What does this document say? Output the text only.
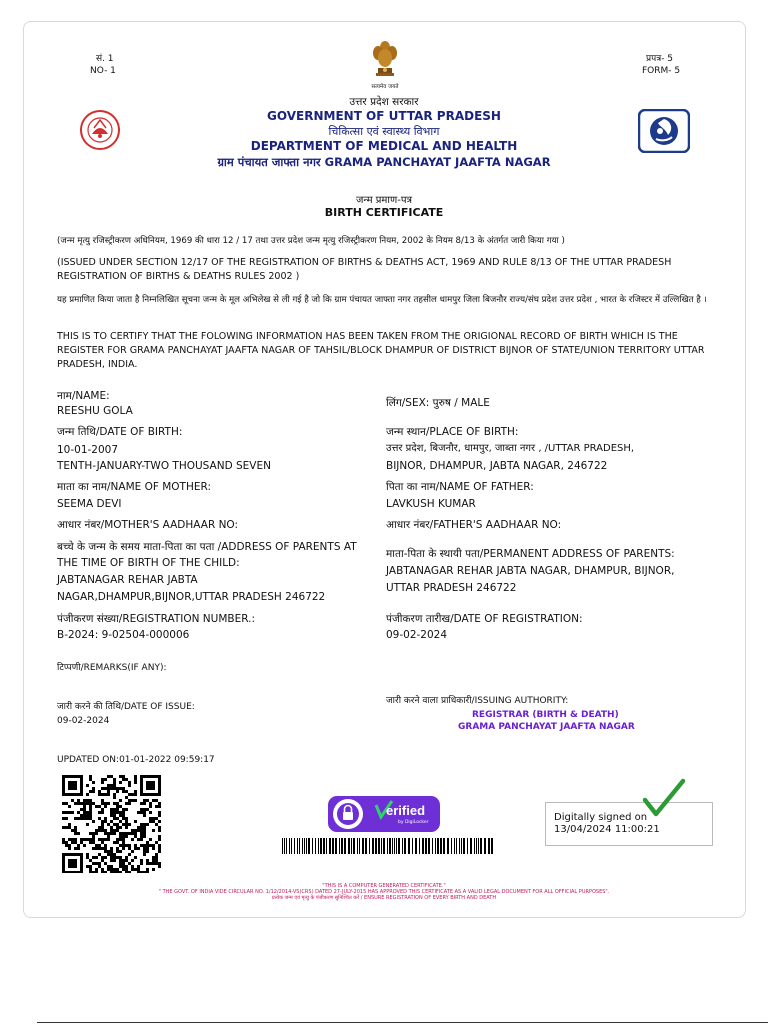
सं. 1
NO- 1
प्रपत्र- 5
FORM- 5
सत्यमेव जयते
उत्तर प्रदेश सरकार
GOVERNMENT OF UTTAR PRADESH
चिकित्सा एवं स्वास्थ्य विभाग
DEPARTMENT OF MEDICAL AND HEALTH
ग्राम पंचायत जाफ्ता नगर GRAMA PANCHAYAT JAAFTA NAGAR
जन्म प्रमाण-पत्र
BIRTH CERTIFICATE
(जन्म मृत्यु रजिस्ट्रीकरण अधिनियम, 1969 की धारा 12 / 17 तथा उत्तर प्रदेश जन्म मृत्यु रजिस्ट्रीकरण नियम, 2002 के नियम 8/13 के अंतर्गत जारी किया गया )
(ISSUED UNDER SECTION 12/17 OF THE REGISTRATION OF BIRTHS & DEATHS ACT, 1969 AND RULE 8/13 OF THE UTTAR PRADESH REGISTRATION OF BIRTHS & DEATHS RULES 2002 )
यह प्रमाणित किया जाता है निम्नलिखित सूचना जन्म के मूल अभिलेख से ली गई है जो कि ग्राम पंचायत जाफ्ता नगर तहसील धामपुर जिला बिजनौर राज्य/संघ प्रदेश उत्तर प्रदेश , भारत के रजिस्टर में उल्लिखित है ।
THIS IS TO CERTIFY THAT THE FOLOWING INFORMATION HAS BEEN TAKEN FROM THE ORIGIONAL RECORD OF BIRTH WHICH IS THE REGISTER FOR GRAMA PANCHAYAT JAAFTA NAGAR OF TAHSIL/BLOCK DHAMPUR OF DISTRICT BIJNOR OF STATE/UNION TERRITORY UTTAR PRADESH, INDIA.
नाम/NAME:
REESHU GOLA
जन्म तिथि/DATE OF BIRTH:
10-01-2007
TENTH-JANUARY-TWO THOUSAND SEVEN
माता का नाम/NAME OF MOTHER:
SEEMA DEVI
आधार नंबर/MOTHER'S AADHAAR NO:
बच्चे के जन्म के समय माता-पिता का पता /ADDRESS OF PARENTS AT
THE TIME OF BIRTH OF THE CHILD:
JABTANAGAR REHAR JABTA
NAGAR,DHAMPUR,BIJNOR,UTTAR PRADESH 246722
पंजीकरण संख्या/REGISTRATION NUMBER.:
B-2024: 9-02504-000006
लिंग/SEX: पुरुष / MALE
जन्म स्थान/PLACE OF BIRTH:
उत्तर प्रदेश, बिजनौर, धामपुर, जाब्ता नगर , /UTTAR PRADESH,
BIJNOR, DHAMPUR, JABTA NAGAR, 246722
पिता का नाम/NAME OF FATHER:
LAVKUSH KUMAR
आधार नंबर/FATHER'S AADHAAR NO:
माता-पिता के स्थायी पता/PERMANENT ADDRESS OF PARENTS:
JABTANAGAR REHAR JABTA NAGAR, DHAMPUR, BIJNOR,
UTTAR PRADESH 246722
पंजीकरण तारीख/DATE OF REGISTRATION:
09-02-2024
टिप्पणी/REMARKS(IF ANY):
जारी करने की तिथि/DATE OF ISSUE:
09-02-2024
जारी करने वाला प्राधिकारी/ISSUING AUTHORITY:
REGISTRAR (BIRTH & DEATH)
GRAMA PANCHAYAT JAAFTA NAGAR
UPDATED ON:01-01-2022 09:59:17
erified
by DigiLocker	Digitally signed on
13/04/2024 11:00:21
"THIS IS A COMPUTER GENERATED CERTIFICATE."
" THE GOVT. OF INDIA VIDE CIRCULAR NO. 1/12/2014-VS(CRS) DATED 27-JULY-2015 HAS APPROVED THIS CERTIFICATE AS A VALID LEGAL DOCUMENT FOR ALL OFFICIAL PURPOSES".
प्रत्येक जन्म एवं मृत्यु के पंजीकरण सुनिश्चित करें / ENSURE REGISTRATION OF EVERY BIRTH AND DEATH
